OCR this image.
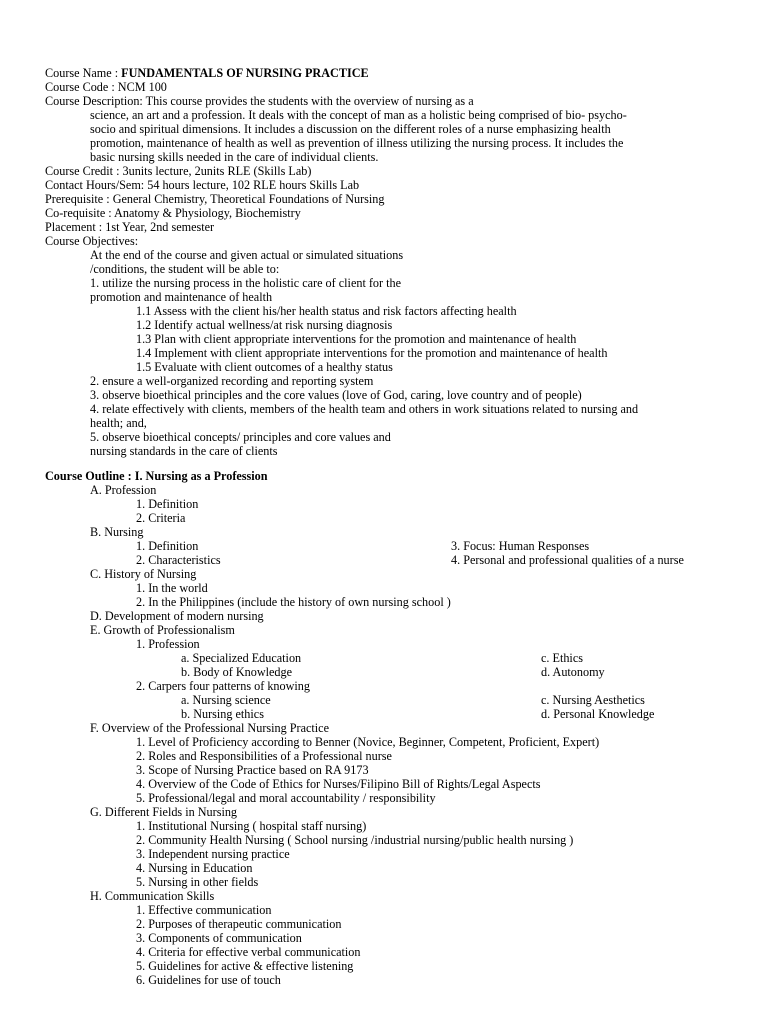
Course Name : FUNDAMENTALS OF NURSING PRACTICE
Course Code : NCM 100
Course Description: This course provides the students with the overview of nursing as a
science, an art and a profession. It deals with the concept of man as a holistic being comprised of bio- psycho-
socio and spiritual dimensions. It includes a discussion on the different roles of a nurse emphasizing health
promotion, maintenance of health as well as prevention of illness utilizing the nursing process. It includes the
basic nursing skills needed in the care of individual clients.
Course Credit : 3units lecture, 2units RLE (Skills Lab)
Contact Hours/Sem: 54 hours lecture, 102 RLE hours Skills Lab
Prerequisite : General Chemistry, Theoretical Foundations of Nursing
Co-requisite : Anatomy & Physiology, Biochemistry
Placement : 1st Year, 2nd semester
Course Objectives:
At the end of the course and given actual or simulated situations
/conditions, the student will be able to:
1. utilize the nursing process in the holistic care of client for the
promotion and maintenance of health
1.1 Assess with the client his/her health status and risk factors affecting health
1.2 Identify actual wellness/at risk nursing diagnosis
1.3 Plan with client appropriate interventions for the promotion and maintenance of health
1.4 Implement with client appropriate interventions for the promotion and maintenance of health
1.5 Evaluate with client outcomes of a healthy status
2. ensure a well-organized recording and reporting system
3. observe bioethical principles and the core values (love of God, caring, love country and of people)
4. relate effectively with clients, members of the health team and others in work situations related to nursing and
health; and,
5. observe bioethical concepts/ principles and core values and
nursing standards in the care of clients
Course Outline : I. Nursing as a Profession
A. Profession
1. Definition
2. Criteria
B. Nursing
1. Definition	3. Focus: Human Responses
2. Characteristics	4. Personal and professional qualities of a nurse
C. History of Nursing
1. In the world
2. In the Philippines (include the history of own nursing school )
D. Development of modern nursing
E. Growth of Professionalism
1. Profession
a. Specialized Education	c. Ethics
b. Body of Knowledge	d. Autonomy
2. Carpers four patterns of knowing
a. Nursing science	c. Nursing Aesthetics
b. Nursing ethics	d. Personal Knowledge
F. Overview of the Professional Nursing Practice
1. Level of Proficiency according to Benner (Novice, Beginner, Competent, Proficient, Expert)
2. Roles and Responsibilities of a Professional nurse
3. Scope of Nursing Practice based on RA 9173
4. Overview of the Code of Ethics for Nurses/Filipino Bill of Rights/Legal Aspects
5. Professional/legal and moral accountability / responsibility
G. Different Fields in Nursing
1. Institutional Nursing ( hospital staff nursing)
2. Community Health Nursing ( School nursing /industrial nursing/public health nursing )
3. Independent nursing practice
4. Nursing in Education
5. Nursing in other fields
H. Communication Skills
1. Effective communication
2. Purposes of therapeutic communication
3. Components of communication
4. Criteria for effective verbal communication
5. Guidelines for active & effective listening
6. Guidelines for use of touch
